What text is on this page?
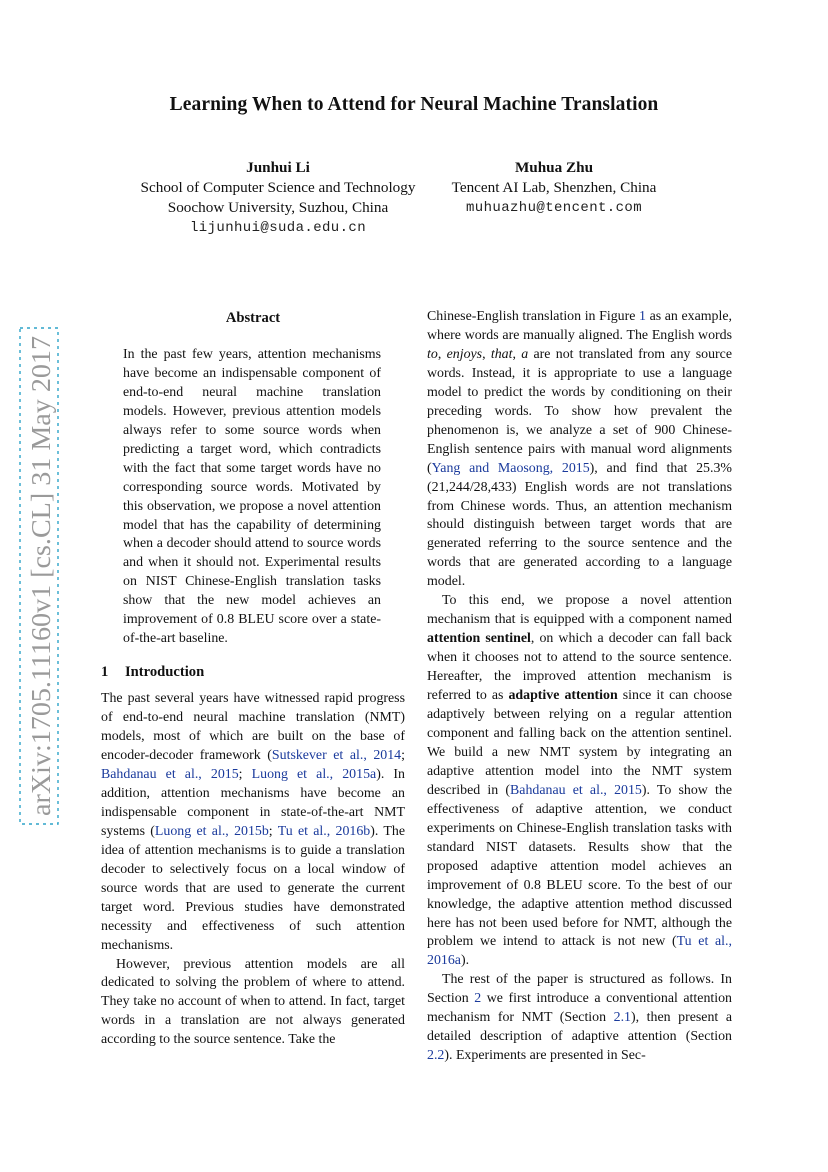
arXiv:1705.11160v1 [cs.CL] 31 May 2017
Learning When to Attend for Neural Machine Translation
Junhui Li
School of Computer Science and Technology
Soochow University, Suzhou, China
lijunhui@suda.edu.cn
Muhua Zhu
Tencent AI Lab, Shenzhen, China
muhuazhu@tencent.com
Abstract

In the past few years, attention mechanisms have become an indispensable component of end-to-end neural machine translation models. However, previous attention models always refer to some source words when predicting a target word, which contradicts with the fact that some target words have no corresponding source words. Motivated by this observation, we propose a novel attention model that has the capability of determining when a decoder should attend to source words and when it should not. Experimental results on NIST Chinese-English translation tasks show that the new model achieves an improvement of 0.8 BLEU score over a state-of-the-art baseline.

1 Introduction

The past several years have witnessed rapid progress of end-to-end neural machine translation (NMT) models, most of which are built on the base of encoder-decoder framework (Sutskever et al., 2014; Bahdanau et al., 2015; Luong et al., 2015a). In addition, attention mechanisms have become an indispensable component in state-of-the-art NMT systems (Luong et al., 2015b; Tu et al., 2016b). The idea of attention mechanisms is to guide a translation decoder to selectively focus on a local window of source words that are used to generate the current target word. Previous studies have demonstrated necessity and effectiveness of such attention mechanisms.

However, previous attention models are all dedicated to solving the problem of where to attend. They take no account of when to attend. In fact, target words in a translation are not always generated according to the source sentence. Take the

Chinese-English translation in Figure 1 as an example, where words are manually aligned. The English words to, enjoys, that, a are not translated from any source words. Instead, it is appropriate to use a language model to predict the words by conditioning on their preceding words. To show how prevalent the phenomenon is, we analyze a set of 900 Chinese-English sentence pairs with manual word alignments (Yang and Maosong, 2015), and find that 25.3% (21,244/28,433) English words are not translations from Chinese words. Thus, an attention mechanism should distinguish between target words that are generated referring to the source sentence and the words that are generated according to a language model.

To this end, we propose a novel attention mechanism that is equipped with a component named attention sentinel, on which a decoder can fall back when it chooses not to attend to the source sentence. Hereafter, the improved attention mechanism is referred to as adaptive attention since it can choose adaptively between relying on a regular attention component and falling back on the attention sentinel. We build a new NMT system by integrating an adaptive attention model into the NMT system described in (Bahdanau et al., 2015). To show the effectiveness of adaptive attention, we conduct experiments on Chinese-English translation tasks with standard NIST datasets. Results show that the proposed adaptive attention model achieves an improvement of 0.8 BLEU score. To the best of our knowledge, the adaptive attention method discussed here has not been used before for NMT, although the problem we intend to attack is not new (Tu et al., 2016a).

The rest of the paper is structured as follows. In Section 2 we first introduce a conventional attention mechanism for NMT (Section 2.1), then present a detailed description of adaptive attention (Section 2.2). Experiments are presented in Sec-
